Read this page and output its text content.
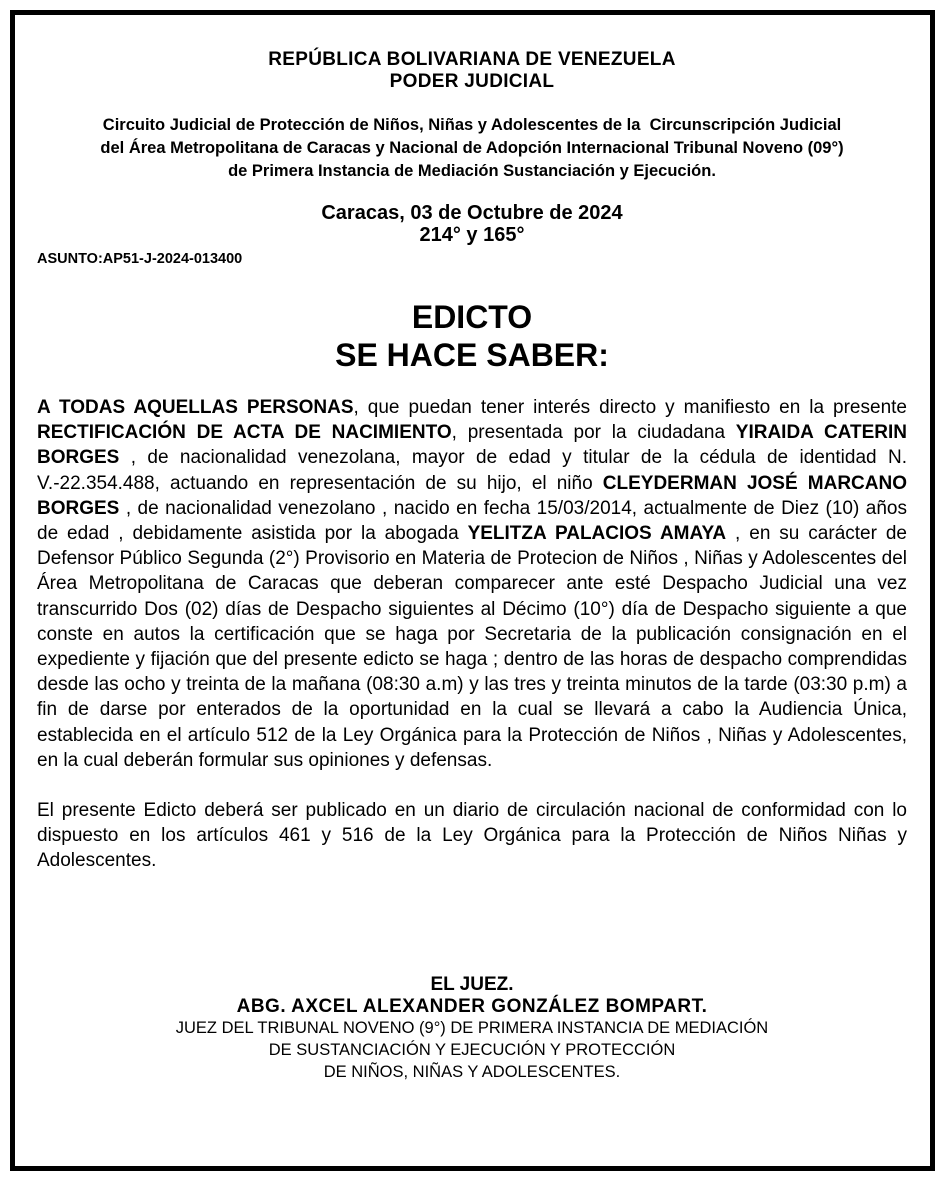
REPÚBLICA BOLIVARIANA DE VENEZUELA
PODER JUDICIAL
Circuito Judicial de Protección de Niños, Niñas y Adolescentes de la  Circunscripción Judicial
del Área Metropolitana de Caracas y Nacional de Adopción Internacional Tribunal Noveno (09°)
de Primera Instancia de Mediación Sustanciación y Ejecución.
Caracas, 03 de Octubre de 2024
214° y 165°
ASUNTO:AP51-J-2024-013400
EDICTO
SE HACE SABER:

A TODAS AQUELLAS PERSONAS, que puedan tener interés directo y manifiesto en la presente RECTIFICACIÓN DE ACTA DE NACIMIENTO, presentada por la ciudadana YIRAIDA CATERIN BORGES , de nacionalidad venezolana, mayor de edad y titular de la cédula de identidad N. V.-22.354.488, actuando en representación de su hijo, el niño CLEYDERMAN JOSÉ MARCANO BORGES , de nacionalidad venezolano , nacido en fecha 15/03/2014, actualmente de Diez (10) años de edad , debidamente asistida por la abogada YELITZA PALACIOS AMAYA , en su carácter de Defensor Público Segunda (2°) Provisorio en Materia de Protecion de Niños , Niñas y Adolescentes del Área Metropolitana de Caracas que deberan comparecer ante esté Despacho Judicial una vez transcurrido Dos (02) días de Despacho siguientes al Décimo (10°) día de Despacho siguiente a que conste en autos la certificación que se haga por Secretaria de la publicación consignación en el expediente y fijación que del presente edicto se haga ; dentro de las horas de despacho comprendidas desde las ocho y treinta de la mañana (08:30 a.m) y las tres y treinta minutos de la tarde (03:30 p.m) a fin de darse por enterados de la oportunidad en la cual se llevará a cabo la Audiencia Única, establecida en el artículo 512 de la Ley Orgánica para la Protección de Niños , Niñas y Adolescentes, en la cual deberán formular sus opiniones y defensas.

El presente Edicto deberá ser publicado en un diario de circulación nacional de conformidad con lo dispuesto en los artículos 461 y 516 de la Ley Orgánica para la Protección de Niños Niñas y Adolescentes.

EL JUEZ.
ABG. AXCEL ALEXANDER GONZÁLEZ BOMPART.
JUEZ DEL TRIBUNAL NOVENO (9°) DE PRIMERA INSTANCIA DE MEDIACIÓN
DE SUSTANCIACIÓN Y EJECUCIÓN Y PROTECCIÓN
DE NIÑOS, NIÑAS Y ADOLESCENTES.
